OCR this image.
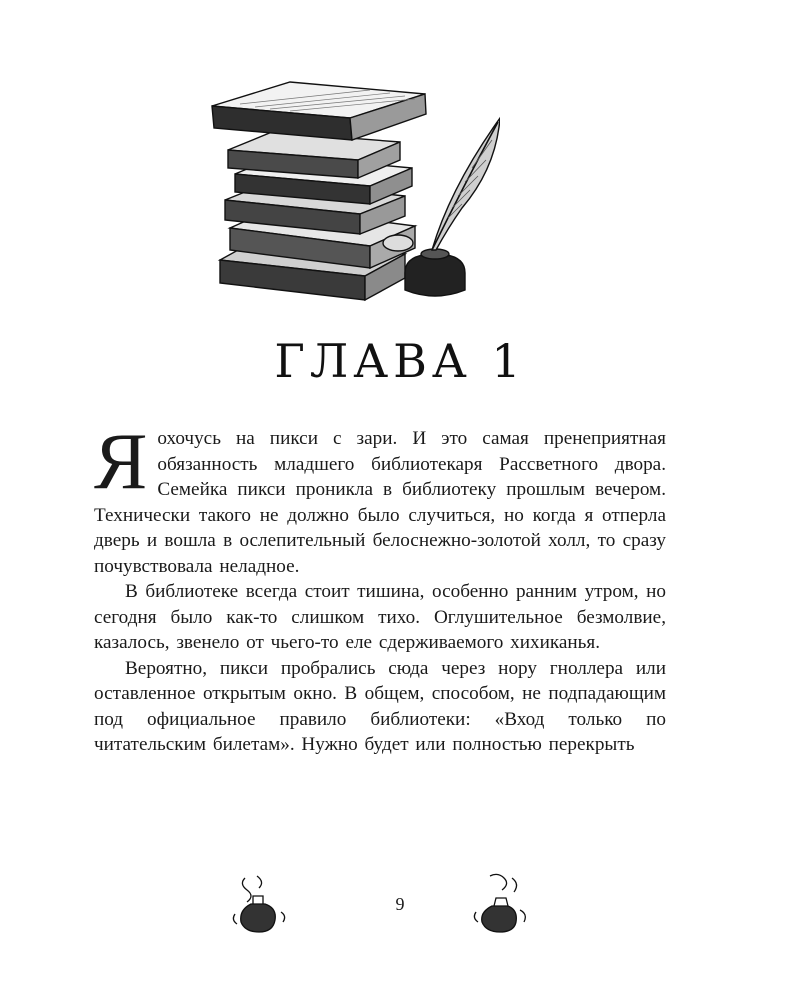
ГЛАВА 1

Яохочусь на пикси с зари. И это самая пренеприятная обязанность младшего библиотекаря Рассветного двора. Семейка пикси проникла в библиотеку прошлым вечером. Технически такого не должно было случиться, но когда я отперла дверь и вошла в ослепительный белоснежно-золотой холл, то сразу почувствовала неладное.

В библиотеке всегда стоит тишина, особенно ранним утром, но сегодня было как-то слишком тихо. Оглушительное безмолвие, казалось, звенело от чьего-то еле сдерживаемого хихиканья.

Вероятно, пикси пробрались сюда через нору гноллера или оставленное открытым окно. В общем, способом, не подпадающим под официальное правило библиотеки: «Вход только по читательским билетам». Нужно будет или полностью перекрыть

9
